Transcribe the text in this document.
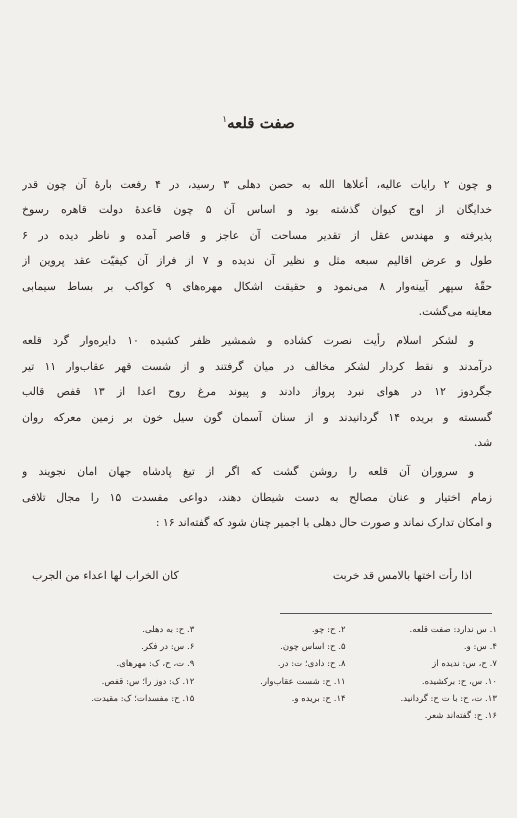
صفت قلعه$^۱$
و چون ۲ رایات عالیه، أعلاها الله به حصن دهلی ۳ رسید، در ۴ رفعت بارهٔ آن چون قدر
خدایگان از اوج کیوان گذشته بود و اساس آن ۵ چون قاعدهٔ دولت قاهره رسوخ
پذیرفته و مهندس عقل از تقدیر مساحت آن عاجز و قاصر آمده و ناظر دیده در ۶
طول و عرض اقالیم سبعه مثل و نظیر آن ندیده و ۷ از فراز آن کیفیّت عقد پروین از
حقّهٔ سپهر آیینه‌وار ۸ می‌نمود و حقیقت اشکال مهره‌های ۹ کواکب بر بساط سیمابی
معاینه می‌گشت.
و لشکر اسلام رأیت نصرت کشاده و شمشیر ظفر کشیده ۱۰ دایره‌وار گرد قلعه
درآمدند و نقط کردار لشکر مخالف در میان گرفتند و از شست قهر عقاب‌وار ۱۱ تیر
جگردوز ۱۲ در هوای نبرد پرواز دادند و پیوند مرغ روح اعدا از ۱۳ قفص قالب
گسسته و بریده ۱۴ گردانیدند و از سنان آسمان گون سیل خون بر زمین معرکه روان
شد.
و سروران آن قلعه را روشن گشت که اگر از تیغ پادشاه جهان امان نجویند و
زمام اختیار و عنان مصالح به دست شیطان دهند، دواعی مفسدت ۱۵ را مجال تلافی
و امکان تدارک نماند و صورت حال دهلی با اجمیر چنان شود که گفته‌اند ۱۶ :
اذا رأت اختها بالامس قد خربت
کان الخراب لها اعداء من الجرب
۱. س ندارد: صفت قلعه.
۲. ح: چو.
۳. ح: به دهلی.
۴. س: و.
۵. ح: اساس چون.
۶. س: در فکر.
۷. ح، س: ندیده از
۸. ح: دادی؛ ت: در.
۹. ت، ح، ک: مهرهای.
۱۰. س، ح: برکشیده.
۱۱. ح: شست عقاب‌وار.
۱۲. ک: دوز را؛ س: قفص.
۱۳. ت، ح: با ت ح: گردانید.
۱۴. ح: بریده و.
۱۵. ح: مفسدات؛ ک: مقیدت.
۱۶. ح: گفته‌اند شعر.
